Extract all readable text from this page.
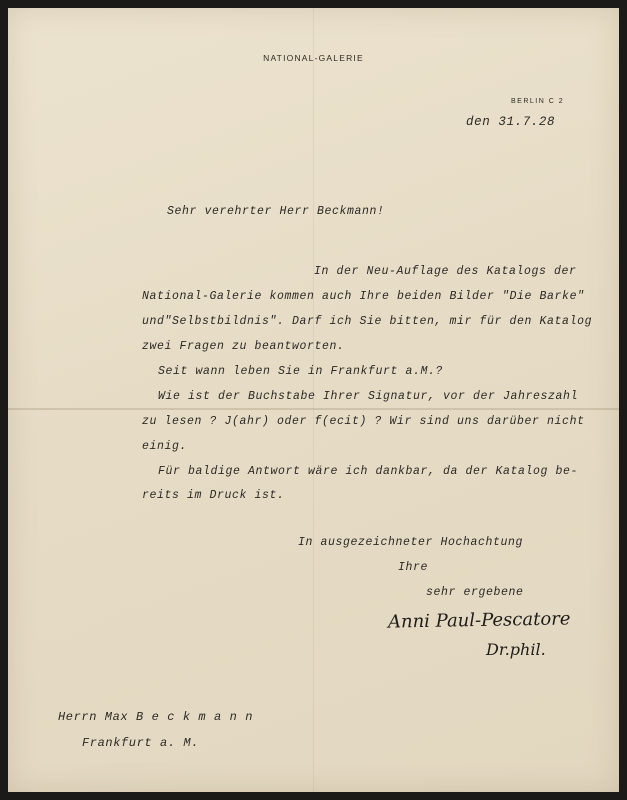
NATIONAL-GALERIE
BERLIN C 2
den 31.7.28
Sehr verehrter Herr Beckmann!
In der Neu-Auflage des Katalogs der
National-Galerie kommen auch Ihre beiden Bilder "Die Barke"
und"Selbstbildnis". Darf ich Sie bitten, mir für den Katalog
zwei Fragen zu beantworten.
Seit wann leben Sie in Frankfurt a.M.?
Wie ist der Buchstabe Ihrer Signatur, vor der Jahreszahl
zu lesen ? J(ahr) oder f(ecit) ? Wir sind uns darüber nicht
einig.
Für baldige Antwort wäre ich dankbar, da der Katalog be-
reits im Druck ist.
In ausgezeichneter Hochachtung
Ihre
sehr ergebene
Anni Paul-Pescatore
Dr.phil.
Herrn Max B e c k m a n n
Frankfurt a. M.
